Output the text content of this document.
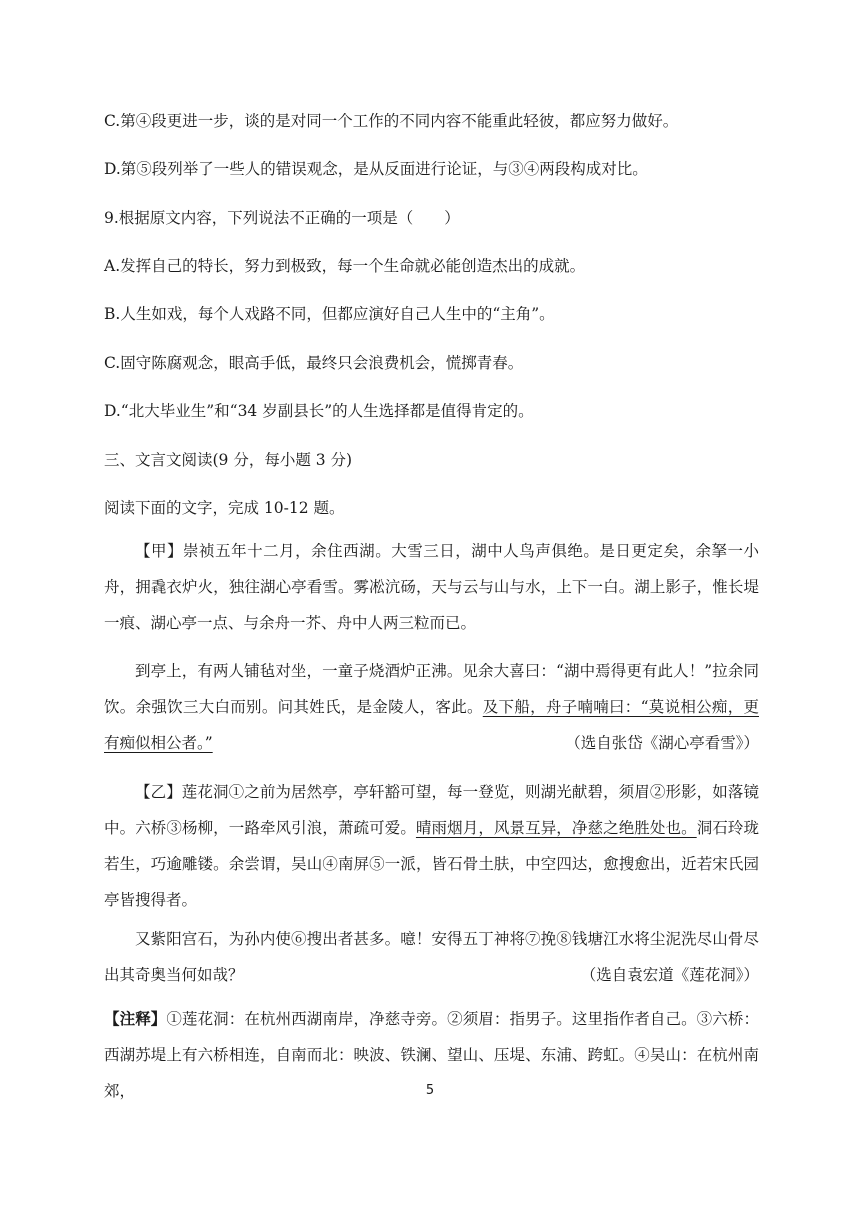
C.第④段更进一步，谈的是对同一个工作的不同内容不能重此轻彼，都应努力做好。
D.第⑤段列举了一些人的错误观念，是从反面进行论证，与③④两段构成对比。
9.根据原文内容，下列说法不正确的一项是（　　）
A.发挥自己的特长，努力到极致，每一个生命就必能创造杰出的成就。
B.人生如戏，每个人戏路不同，但都应演好自己人生中的“主角”。
C.固守陈腐观念，眼高手低，最终只会浪费机会，慌掷青春。
D.“北大毕业生”和“34 岁副县长”的人生选择都是值得肯定的。
三、文言文阅读(9 分，每小题 3 分)
阅读下面的文字，完成 10-12 题。
【甲】崇祯五年十二月，余住西湖。大雪三日，湖中人鸟声俱绝。是日更定矣，余拏一小舟，拥毳衣炉火，独往湖心亭看雪。雾凇沆砀，天与云与山与水，上下一白。湖上影子，惟长堤一痕、湖心亭一点、与余舟一芥、舟中人两三粒而已。
到亭上，有两人铺毡对坐，一童子烧酒炉正沸。见余大喜曰：“湖中焉得更有此人！”拉余同饮。余强饮三大白而别。问其姓氏，是金陵人，客此。及下船，舟子喃喃曰：“莫说相公痴，更有痴似相公者。”	（选自张岱《湖心亭看雪》）
【乙】莲花洞①之前为居然亭，亭轩豁可望，每一登览，则湖光献碧，须眉②形影，如落镜中。六桥③杨柳，一路牵风引浪，萧疏可爱。晴雨烟月，风景互异，净慈之绝胜处也。洞石玲珑若生，巧逾雕镂。余尝谓，吴山④南屏⑤一派，皆石骨土肤，中空四达，愈搜愈出，近若宋氏园亭皆搜得者。
又紫阳宫石，为孙内使⑥搜出者甚多。噫！安得五丁神将⑦挽⑧钱塘江水将尘泥洗尽山骨尽出其奇奥当何如哉？	（选自袁宏道《莲花洞》）
【注释】①莲花洞：在杭州西湖南岸，净慈寺旁。②须眉：指男子。这里指作者自己。③六桥：西湖苏堤上有六桥相连，自南而北：映波、铁澜、望山、压堤、东浦、跨虹。④吴山：在杭州南郊，	5
